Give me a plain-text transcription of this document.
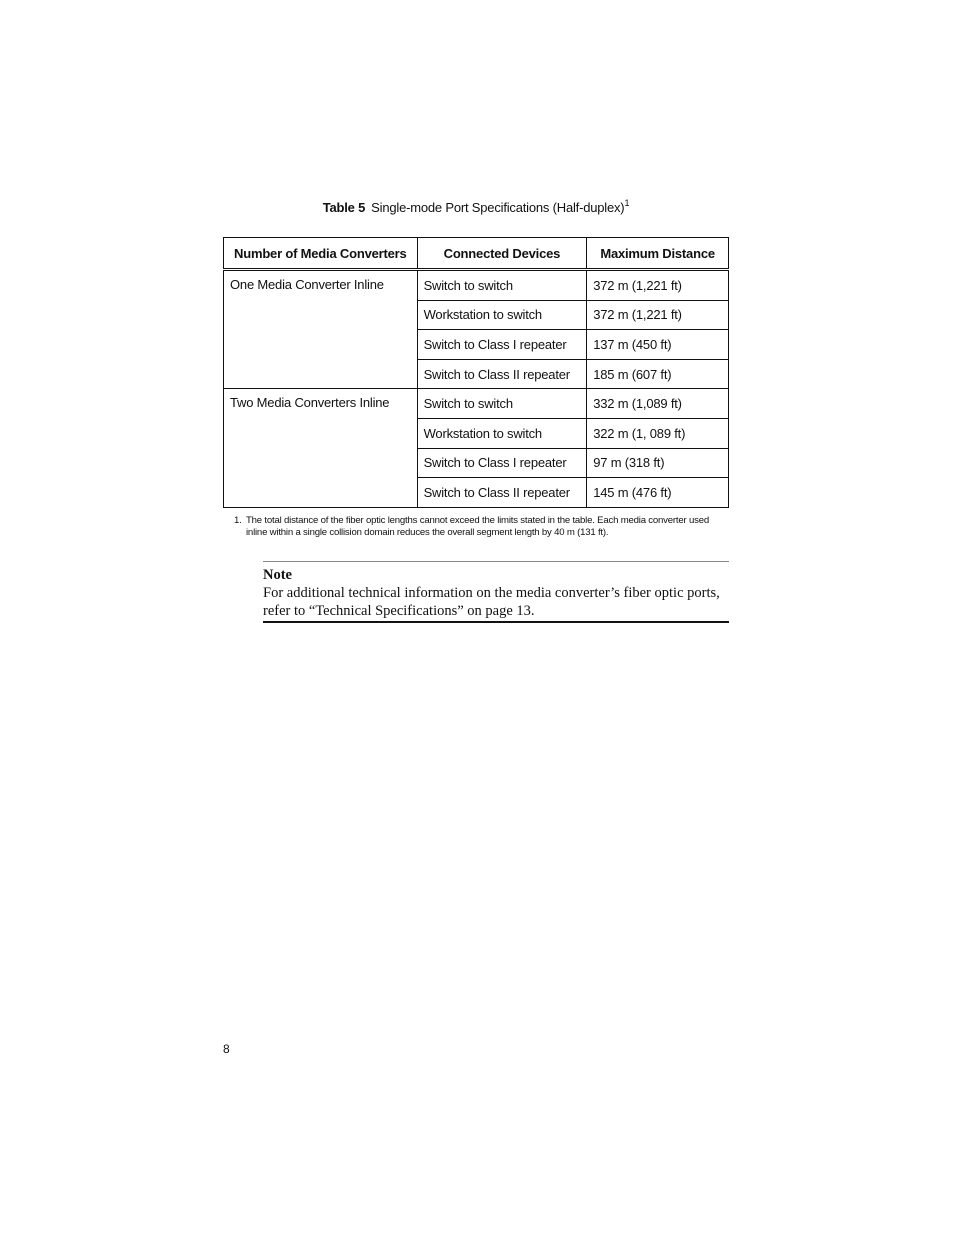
Table 5 Single-mode Port Specifications (Half-duplex)$^1$
Number of Media Converters	Connected Devices	Maximum Distance
One Media Converter Inline	Switch to switch	372 m (1,221 ft)
	Workstation to switch	372 m (1,221 ft)
	Switch to Class I repeater	137 m (450 ft)
	Switch to Class II repeater	185 m (607 ft)
Two Media Converters Inline	Switch to switch	332 m (1,089 ft)
	Workstation to switch	322 m (1, 089 ft)
	Switch to Class I repeater	97 m (318 ft)
	Switch to Class II repeater	145 m (476 ft)
1. The total distance of the fiber optic lengths cannot exceed the limits stated in the table. Each media converter used inline within a single collision domain reduces the overall segment length by 40 m (131 ft).
Note
For additional technical information on the media converter’s fiber optic ports, refer to “Technical Specifications” on page 13.
8
